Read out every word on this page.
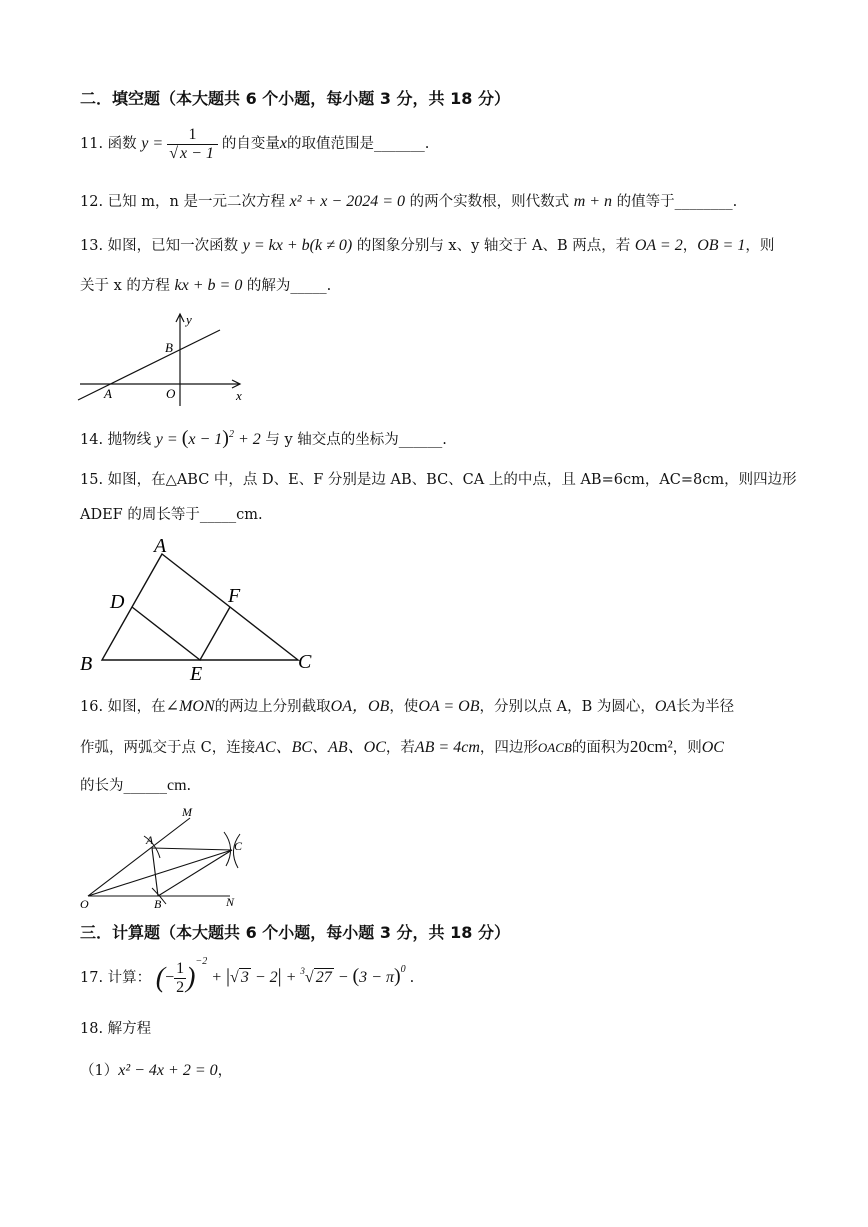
二．填空题（本大题共 6 个小题，每小题 3 分，共 18 分）
11. 函数 $y = \frac{1}{√ x - 1}$ 的自变量x的取值范围是_______.
12. 已知 m，n 是一元二次方程 x² + x − 2024 = 0 的两个实数根，则代数式 m + n 的值等于________.
13. 如图，已知一次函数 y = kx + b(k ≠ 0) 的图象分别与 x、y 轴交于 A、B 两点，若 OA = 2，OB = 1，则
关于 x 的方程 kx + b = 0 的解为_____.
y
x
B
A	O
14. 抛物线 $y = (x - 1)^2 + 2$ 与 y 轴交点的坐标为______.
15. 如图，在△ABC 中，点 D、E、F 分别是边 AB、BC、CA 上的中点，且 AB=6cm，AC=8cm，则四边形
ADEF 的周长等于_____cm.
A
B	C
D
E
F
16. 如图，在∠MON的两边上分别截取OA，OB，使OA = OB，分别以点 A，B 为圆心，OA长为半径
作弧，两弧交于点 C，连接AC、BC、AB、OC，若AB = 4cm，四边形OACB的面积为20cm²，则OC
的长为______cm.
M
A	C
O	B	N
三．计算题（本大题共 6 个小题，每小题 3 分，共 18 分）
17. 计算： (− $\frac{1}{2} )^{-2}$ + |√ 3 − 2| + $^3$√ $27 - (3 - \pi)^0$ .
18. 解方程
（1）x² − 4x + 2 = 0，
